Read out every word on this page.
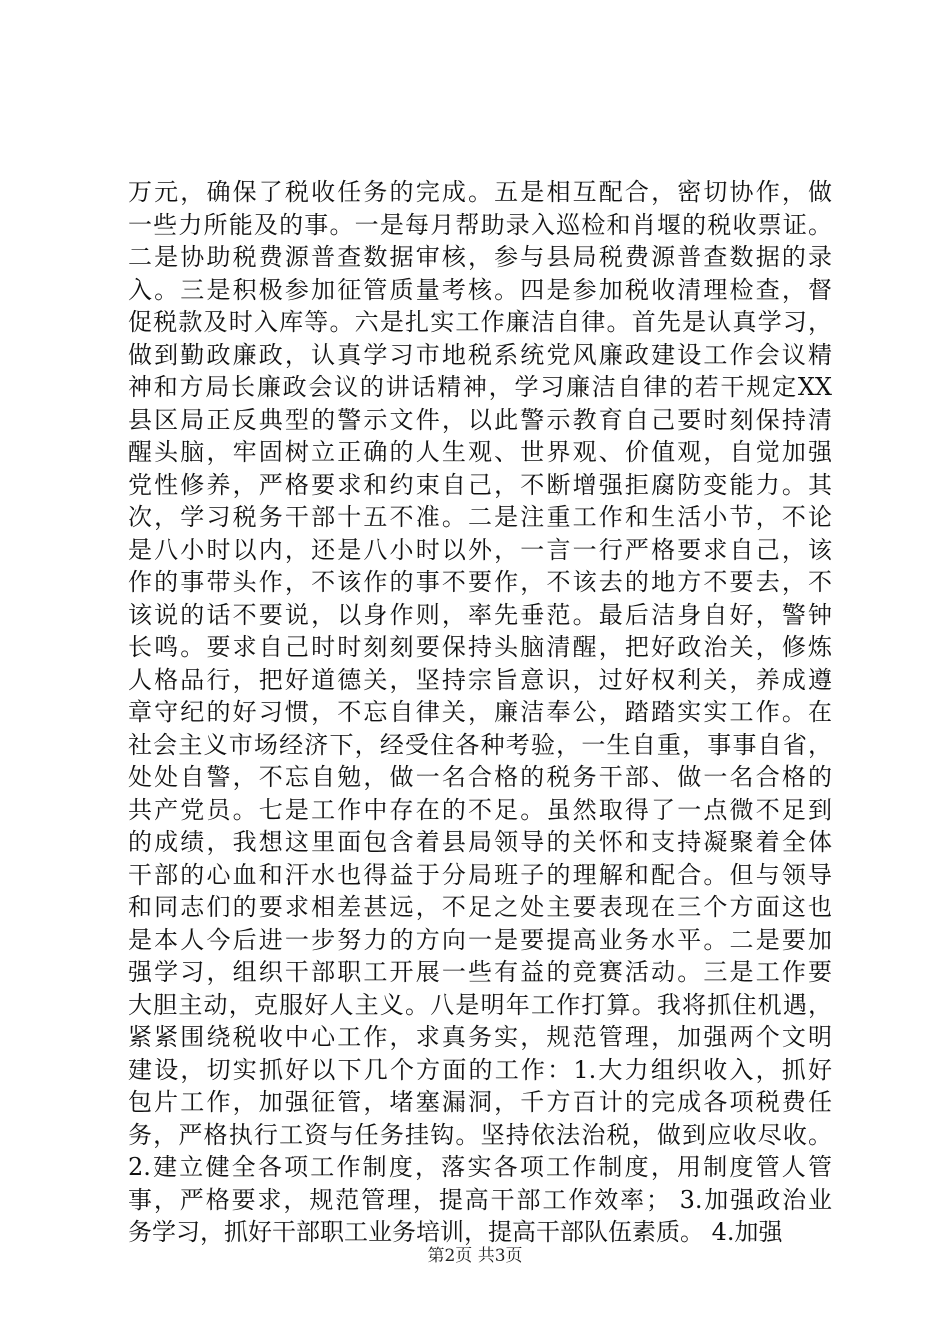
万元，确保了税收任务的完成。五是相互配合，密切协作，做
一些力所能及的事。一是每月帮助录入巡检和肖堰的税收票证。
二是协助税费源普查数据审核，参与县局税费源普查数据的录
入。三是积极参加征管质量考核。四是参加税收清理检查，督
促税款及时入库等。六是扎实工作廉洁自律。首先是认真学习，
做到勤政廉政，认真学习市地税系统党风廉政建设工作会议精
神和方局长廉政会议的讲话精神，学习廉洁自律的若干规定XX
县区局正反典型的警示文件，以此警示教育自己要时刻保持清
醒头脑，牢固树立正确的人生观、世界观、价值观，自觉加强
党性修养，严格要求和约束自己，不断增强拒腐防变能力。其
次，学习税务干部十五不准。二是注重工作和生活小节，不论
是八小时以内，还是八小时以外，一言一行严格要求自己，该
作的事带头作，不该作的事不要作，不该去的地方不要去，不
该说的话不要说，以身作则，率先垂范。最后洁身自好，警钟
长鸣。要求自己时时刻刻要保持头脑清醒，把好政治关，修炼
人格品行，把好道德关，坚持宗旨意识，过好权利关，养成遵
章守纪的好习惯，不忘自律关，廉洁奉公，踏踏实实工作。在
社会主义市场经济下，经受住各种考验，一生自重，事事自省，
处处自警，不忘自勉，做一名合格的税务干部、做一名合格的
共产党员。七是工作中存在的不足。虽然取得了一点微不足到
的成绩，我想这里面包含着县局领导的关怀和支持凝聚着全体
干部的心血和汗水也得益于分局班子的理解和配合。但与领导
和同志们的要求相差甚远，不足之处主要表现在三个方面这也
是本人今后进一步努力的方向一是要提高业务水平。二是要加
强学习，组织干部职工开展一些有益的竞赛活动。三是工作要
大胆主动，克服好人主义。八是明年工作打算。我将抓住机遇，
紧紧围绕税收中心工作，求真务实，规范管理，加强两个文明
建设，切实抓好以下几个方面的工作：1.大力组织收入，抓好
包片工作，加强征管，堵塞漏洞，千方百计的完成各项税费任
务，严格执行工资与任务挂钩。坚持依法治税，做到应收尽收。
2.建立健全各项工作制度，落实各项工作制度，用制度管人管
事，严格要求，规范管理，提高干部工作效率； 3.加强政治业
务学习，抓好干部职工业务培训，提高干部队伍素质。 4.加强
第2页 共3页
